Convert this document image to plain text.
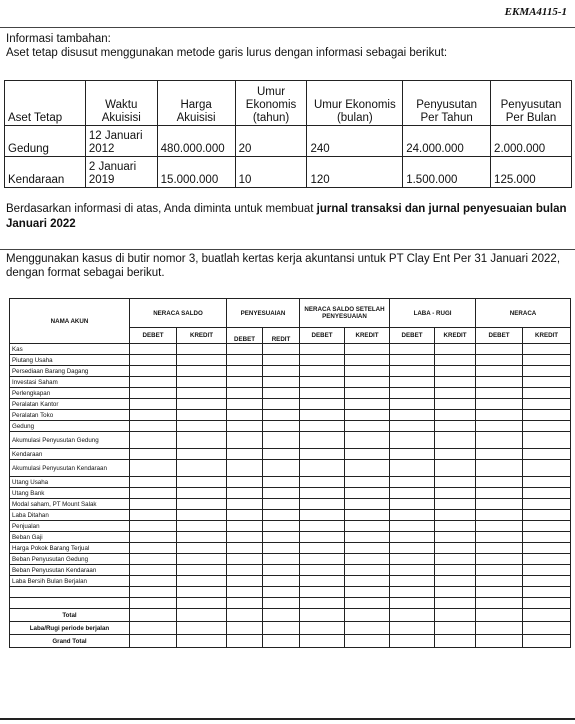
EKMA4115-1
Informasi tambahan:
Aset tetap disusut menggunakan metode garis lurus dengan informasi sebagai berikut:
Aset Tetap	Waktu Akuisisi	Harga Akuisisi	Umur Ekonomis (tahun)	Umur Ekonomis (bulan)	Penyusutan Per Tahun	Penyusutan Per Bulan
Gedung	12 Januari 2012	480.000.000	20	240	24.000.000	2.000.000
Kendaraan	2 Januari 2019	15.000.000	10	120	1.500.000	125.000
Berdasarkan informasi di atas, Anda diminta untuk membuat jurnal transaksi dan jurnal penyesuaian bulan Januari 2022
Menggunakan kasus di butir nomor 3, buatlah kertas kerja akuntansi untuk PT Clay Ent Per 31 Januari 2022, dengan format sebagai berikut.
NAMA AKUN	NERACA SALDO		PENYESUAIAN		NERACA SALDO SETELAH PENYESUAIAN		LABA - RUGI		NERACA	
	DEBET	KREDIT	DEBET	REDIT	DEBET	KREDIT	DEBET	KREDIT	DEBET	KREDIT
Kas										
Piutang Usaha										
Persediaan Barang Dagang										
Investasi Saham										
Perlengkapan										
Peralatan Kantor										
Peralatan Toko										
Gedung										
Akumulasi Penyusutan Gedung										
Kendaraan										
Akumulasi Penyusutan Kendaraan										
Utang Usaha										
Utang Bank										
Modal saham, PT Mount Salak										
Laba Ditahan										
Penjualan										
Beban Gaji										
Harga Pokok Barang Terjual										
Beban Penyusutan Gedung										
Beban Penyusutan Kendaraan										
Laba Bersih Bulan Berjalan										

Total										
Laba/Rugi periode berjalan										
Grand Total										
